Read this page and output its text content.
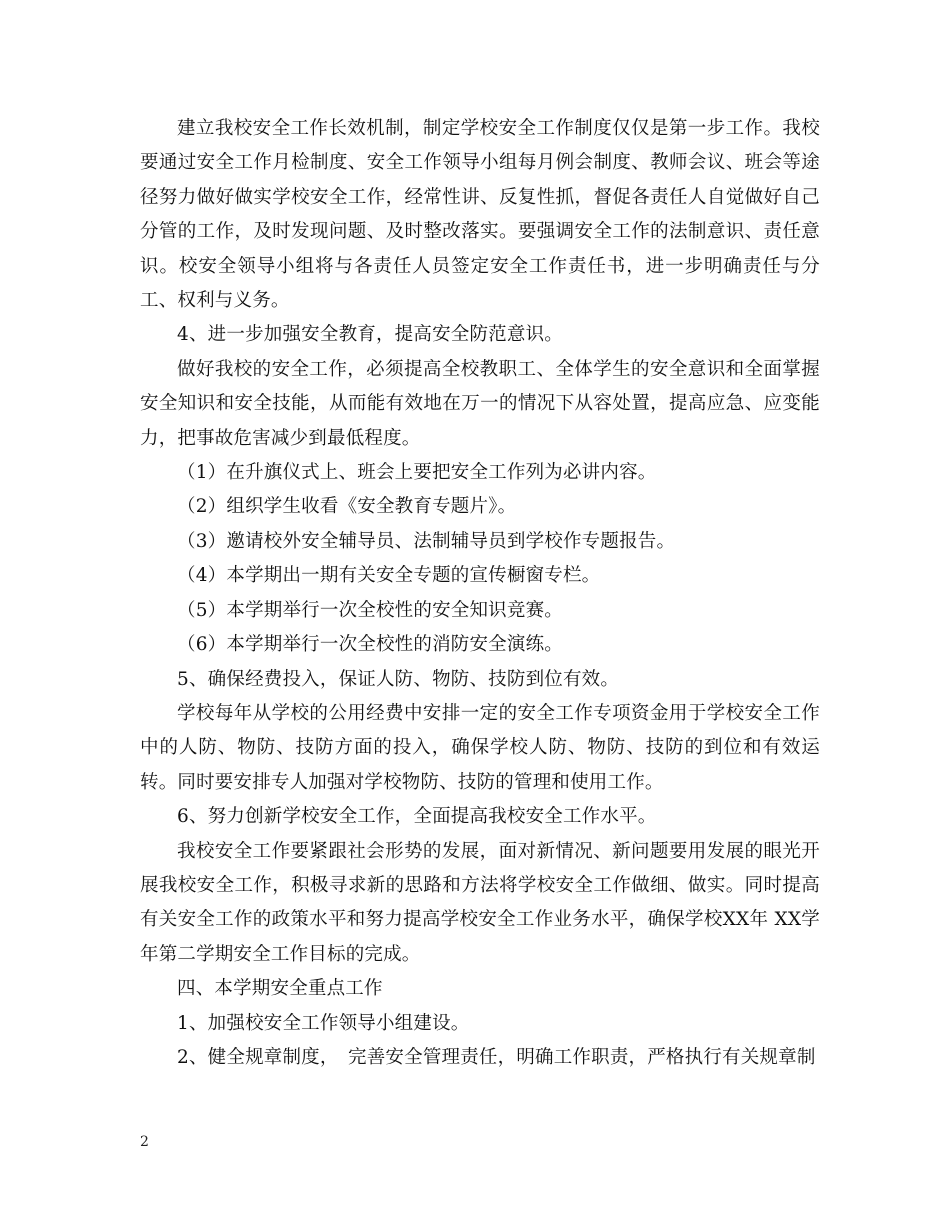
建立我校安全工作长效机制，制定学校安全工作制度仅仅是第一步工作。我校要通过安全工作月检制度、安全工作领导小组每月例会制度、教师会议、班会等途径努力做好做实学校安全工作，经常性讲、反复性抓，督促各责任人自觉做好自己分管的工作，及时发现问题、及时整改落实。要强调安全工作的法制意识、责任意识。校安全领导小组将与各责任人员签定安全工作责任书，进一步明确责任与分工、权利与义务。

4、进一步加强安全教育，提高安全防范意识。

做好我校的安全工作，必须提高全校教职工、全体学生的安全意识和全面掌握安全知识和安全技能，从而能有效地在万一的情况下从容处置，提高应急、应变能力，把事故危害减少到最低程度。

（1）在升旗仪式上、班会上要把安全工作列为必讲内容。

（2）组织学生收看《安全教育专题片》。

（3）邀请校外安全辅导员、法制辅导员到学校作专题报告。

（4）本学期出一期有关安全专题的宣传橱窗专栏。

（5）本学期举行一次全校性的安全知识竞赛。

（6）本学期举行一次全校性的消防安全演练。

5、确保经费投入，保证人防、物防、技防到位有效。

学校每年从学校的公用经费中安排一定的安全工作专项资金用于学校安全工作中的人防、物防、技防方面的投入，确保学校人防、物防、技防的到位和有效运转。同时要安排专人加强对学校物防、技防的管理和使用工作。

6、努力创新学校安全工作，全面提高我校安全工作水平。

我校安全工作要紧跟社会形势的发展，面对新情况、新问题要用发展的眼光开展我校安全工作，积极寻求新的思路和方法将学校安全工作做细、做实。同时提高有关安全工作的政策水平和努力提高学校安全工作业务水平，确保学校XX年 XX学年第二学期安全工作目标的完成。

四、本学期安全重点工作

1、加强校安全工作领导小组建设。

2、健全规章制度，　完善安全管理责任，明确工作职责，严格执行有关规章制

2
